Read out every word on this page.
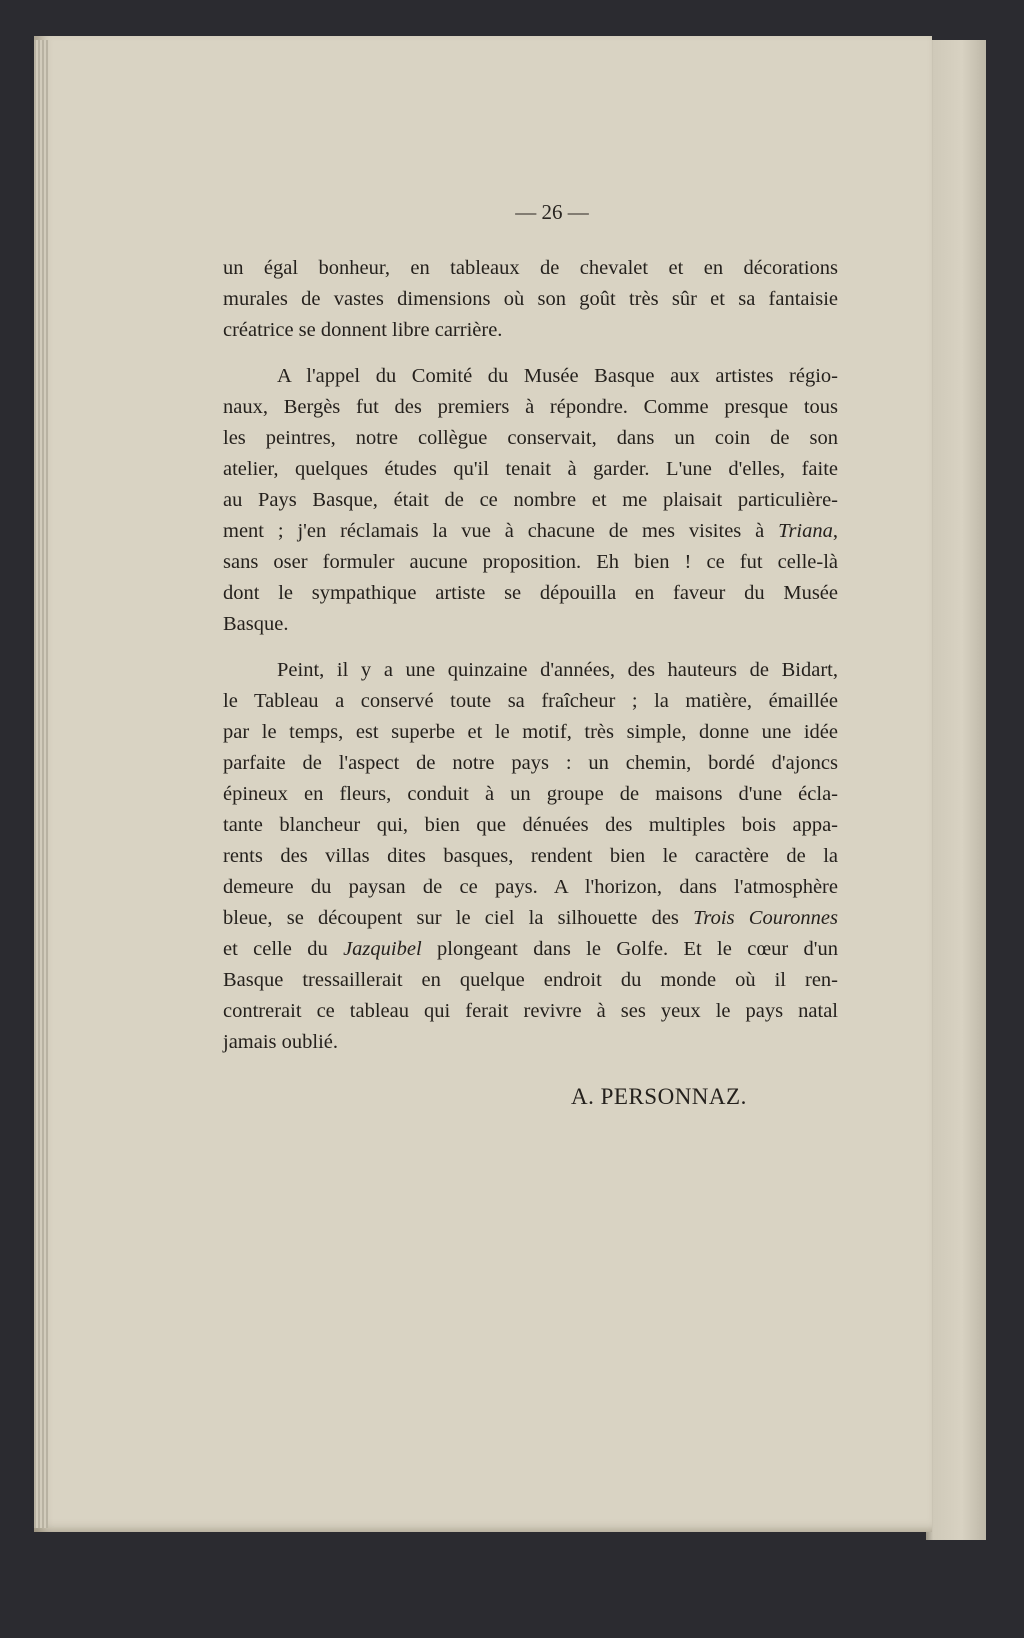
— 26 —
un égal bonheur, en tableaux de chevalet et en décorations
murales de vastes dimensions où son goût très sûr et sa fantaisie
créatrice se donnent libre carrière.
A l'appel du Comité du Musée Basque aux artistes régio-
naux, Bergès fut des premiers à répondre. Comme presque tous
les peintres, notre collègue conservait, dans un coin de son
atelier, quelques études qu'il tenait à garder. L'une d'elles, faite
au Pays Basque, était de ce nombre et me plaisait particulière-
ment ; j'en réclamais la vue à chacune de mes visites à Triana,
sans oser formuler aucune proposition. Eh bien ! ce fut celle-là
dont le sympathique artiste se dépouilla en faveur du Musée
Basque.
Peint, il y a une quinzaine d'années, des hauteurs de Bidart,
le Tableau a conservé toute sa fraîcheur ; la matière, émaillée
par le temps, est superbe et le motif, très simple, donne une idée
parfaite de l'aspect de notre pays : un chemin, bordé d'ajoncs
épineux en fleurs, conduit à un groupe de maisons d'une écla-
tante blancheur qui, bien que dénuées des multiples bois appa-
rents des villas dites basques, rendent bien le caractère de la
demeure du paysan de ce pays. A l'horizon, dans l'atmosphère
bleue, se découpent sur le ciel la silhouette des Trois Couronnes
et celle du Jazquibel plongeant dans le Golfe. Et le cœur d'un
Basque tressaillerait en quelque endroit du monde où il ren-
contrerait ce tableau qui ferait revivre à ses yeux le pays natal
jamais oublié.
A. PERSONNAZ.
